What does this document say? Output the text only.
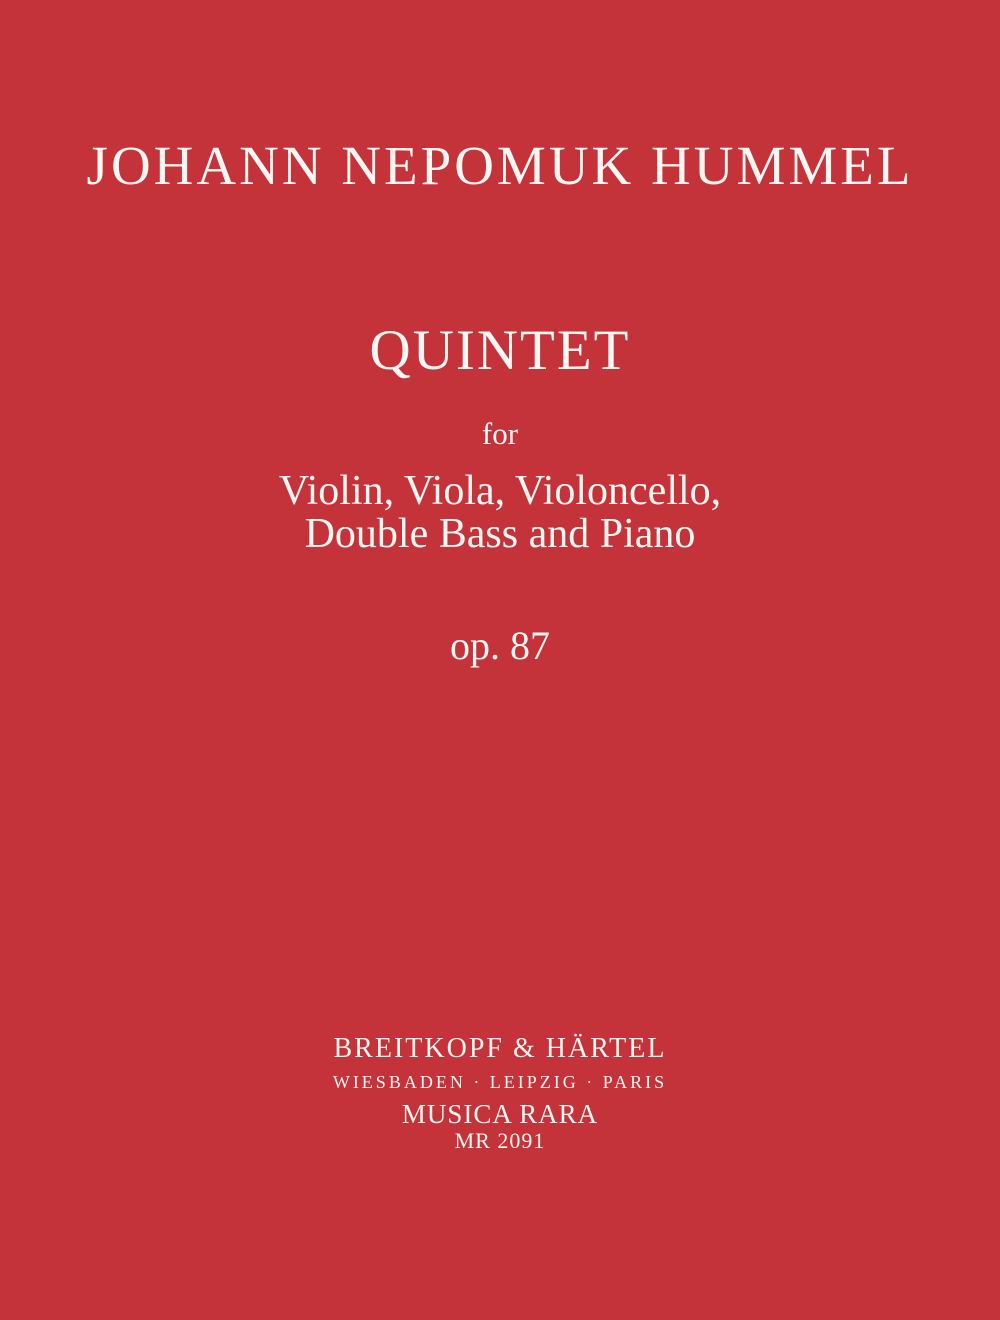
JOHANN NEPOMUK HUMMEL
QUINTET
for
Violin, Viola, Violoncello,
Double Bass and Piano
op. 87
BREITKOPF & HÄRTEL
WIESBADEN · LEIPZIG · PARIS
MUSICA RARA
MR 2091
